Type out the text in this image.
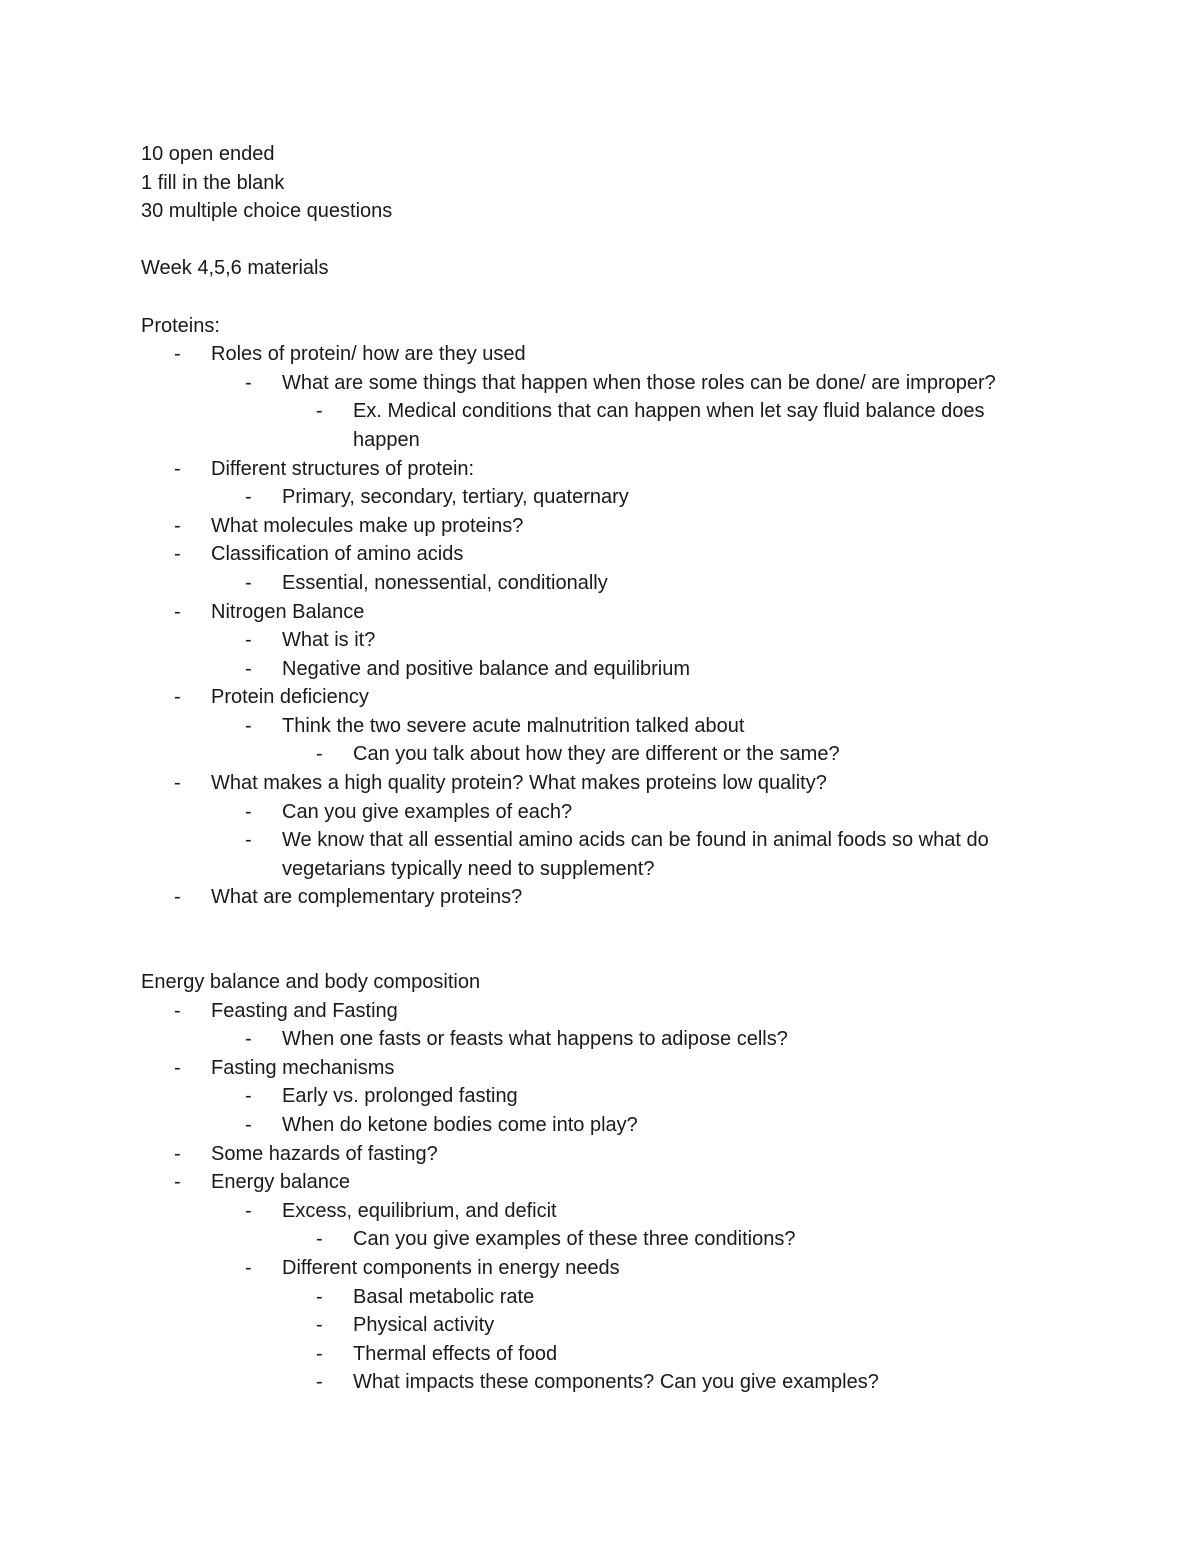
10 open ended

1 fill in the blank

30 multiple choice questions

Week 4,5,6 materials

Proteins:

-	Roles of protein/ how are they used
-	What are some things that happen when those roles can be done/ are improper?
-	Ex. Medical conditions that can happen when let say fluid balance does happen
-	Different structures of protein:
-	Primary, secondary, tertiary, quaternary
-	What molecules make up proteins?
-	Classification of amino acids
-	Essential, nonessential, conditionally
-	Nitrogen Balance
-	What is it?
-	Negative and positive balance and equilibrium
-	Protein deficiency
-	Think the two severe acute malnutrition talked about
-	Can you talk about how they are different or the same?
-	What makes a high quality protein? What makes proteins low quality?
-	Can you give examples of each?
-	We know that all essential amino acids can be found in animal foods so what do vegetarians typically need to supplement?
-	What are complementary proteins?

Energy balance and body composition

-	Feasting and Fasting
-	When one fasts or feasts what happens to adipose cells?
-	Fasting mechanisms
-	Early vs. prolonged fasting
-	When do ketone bodies come into play?
-	Some hazards of fasting?
-	Energy balance
-	Excess, equilibrium, and deficit
-	Can you give examples of these three conditions?
-	Different components in energy needs
-	Basal metabolic rate
-	Physical activity
-	Thermal effects of food
-	What impacts these components? Can you give examples?
